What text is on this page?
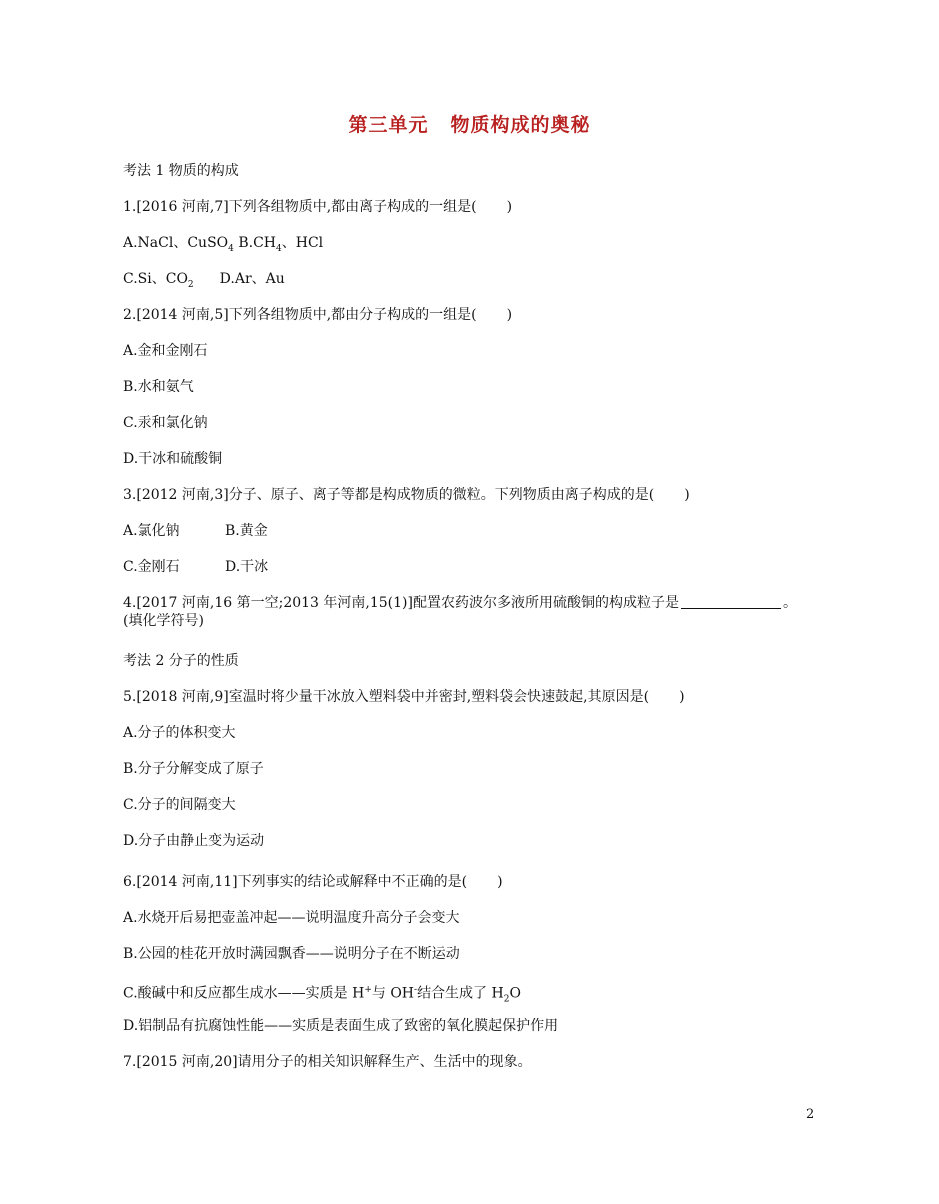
第三单元 物质构成的奥秘
考法 1 物质的构成
1.[2016 河南,7]下列各组物质中,都由离子构成的一组是( )
A.NaCl、CuSO$_4$ $B.CH_4$、HCl
C.Si、$CO_2$ D.Ar、Au
2.[2014 河南,5]下列各组物质中,都由分子构成的一组是( )
A.金和金刚石
B.水和氨气
C.汞和氯化钠
D.干冰和硫酸铜
3.[2012 河南,3]分子、原子、离子等都是构成物质的微粒。下列物质由离子构成的是( )
A.氯化钠	B.黄金
C.金刚石	D.干冰
4.[2017 河南,16 第一空;2013 年河南,15(1)]配置农药波尔多液所用硫酸铜的构成粒子是	。
(填化学符号)
考法 2 分子的性质
5.[2018 河南,9]室温时将少量干冰放入塑料袋中并密封,塑料袋会快速鼓起,其原因是( )
A.分子的体积变大
B.分子分解变成了原子
C.分子的间隔变大
D.分子由静止变为运动
6.[2014 河南,11]下列事实的结论或解释中不正确的是( )
A.水烧开后易把壶盖冲起——说明温度升高分子会变大
B.公园的桂花开放时满园飘香——说明分子在不断运动
C.酸碱中和反应都生成水——实质是 H+与 OH-结合生成了 $H_2O$
D.铝制品有抗腐蚀性能——实质是表面生成了致密的氧化膜起保护作用
7.[2015 河南,20]请用分子的相关知识解释生产、生活中的现象。
2
